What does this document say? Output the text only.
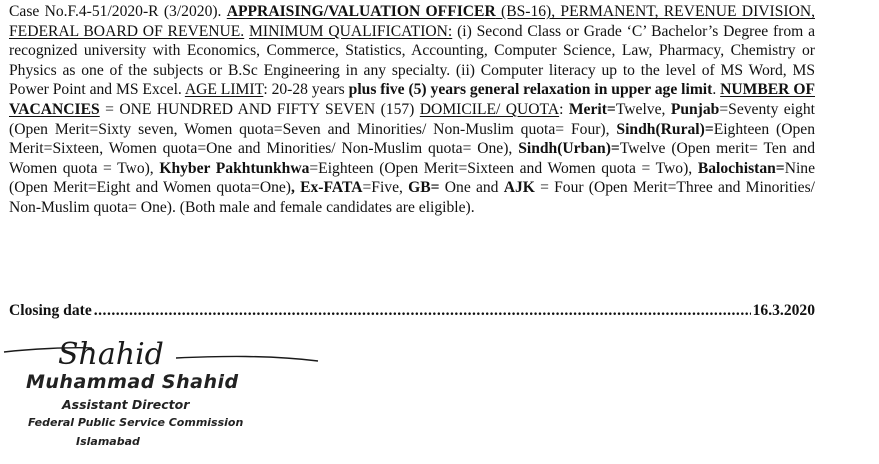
Case No.F.4-51/2020-R (3/2020). APPRAISING/VALUATION OFFICER (BS-16), PERMANENT, REVENUE DIVISION, FEDERAL BOARD OF REVENUE. MINIMUM QUALIFICATION: (i) Second Class or Grade ‘C’ Bachelor’s Degree from a recognized university with Economics, Commerce, Statistics, Accounting, Computer Science, Law, Pharmacy, Chemistry or Physics as one of the subjects or B.Sc Engineering in any specialty. (ii) Computer literacy up to the level of MS Word, MS Power Point and MS Excel. AGE LIMIT: 20-28 years plus five (5) years general relaxation in upper age limit. NUMBER OF VACANCIES = ONE HUNDRED AND FIFTY SEVEN (157) DOMICILE/ QUOTA: Merit=Twelve, Punjab=Seventy eight (Open Merit=Sixty seven, Women quota=Seven and Minorities/ Non-Muslim quota= Four), Sindh(Rural)=Eighteen (Open Merit=Sixteen, Women quota=One and Minorities/ Non-Muslim quota= One), Sindh(Urban)=Twelve (Open merit= Ten and Women quota = Two), Khyber Pakhtunkhwa=Eighteen (Open Merit=Sixteen and Women quota = Two), Balochistan=Nine (Open Merit=Eight and Women quota=One), Ex-FATA=Five, GB= One and AJK = Four (Open Merit=Three and Minorities/ Non-Muslim quota= One). (Both male and female candidates are eligible).
Closing date
.....	16.3.2020
Shahid
Muhammad Shahid
Assistant Director
Federal Public Service Commission
Islamabad
